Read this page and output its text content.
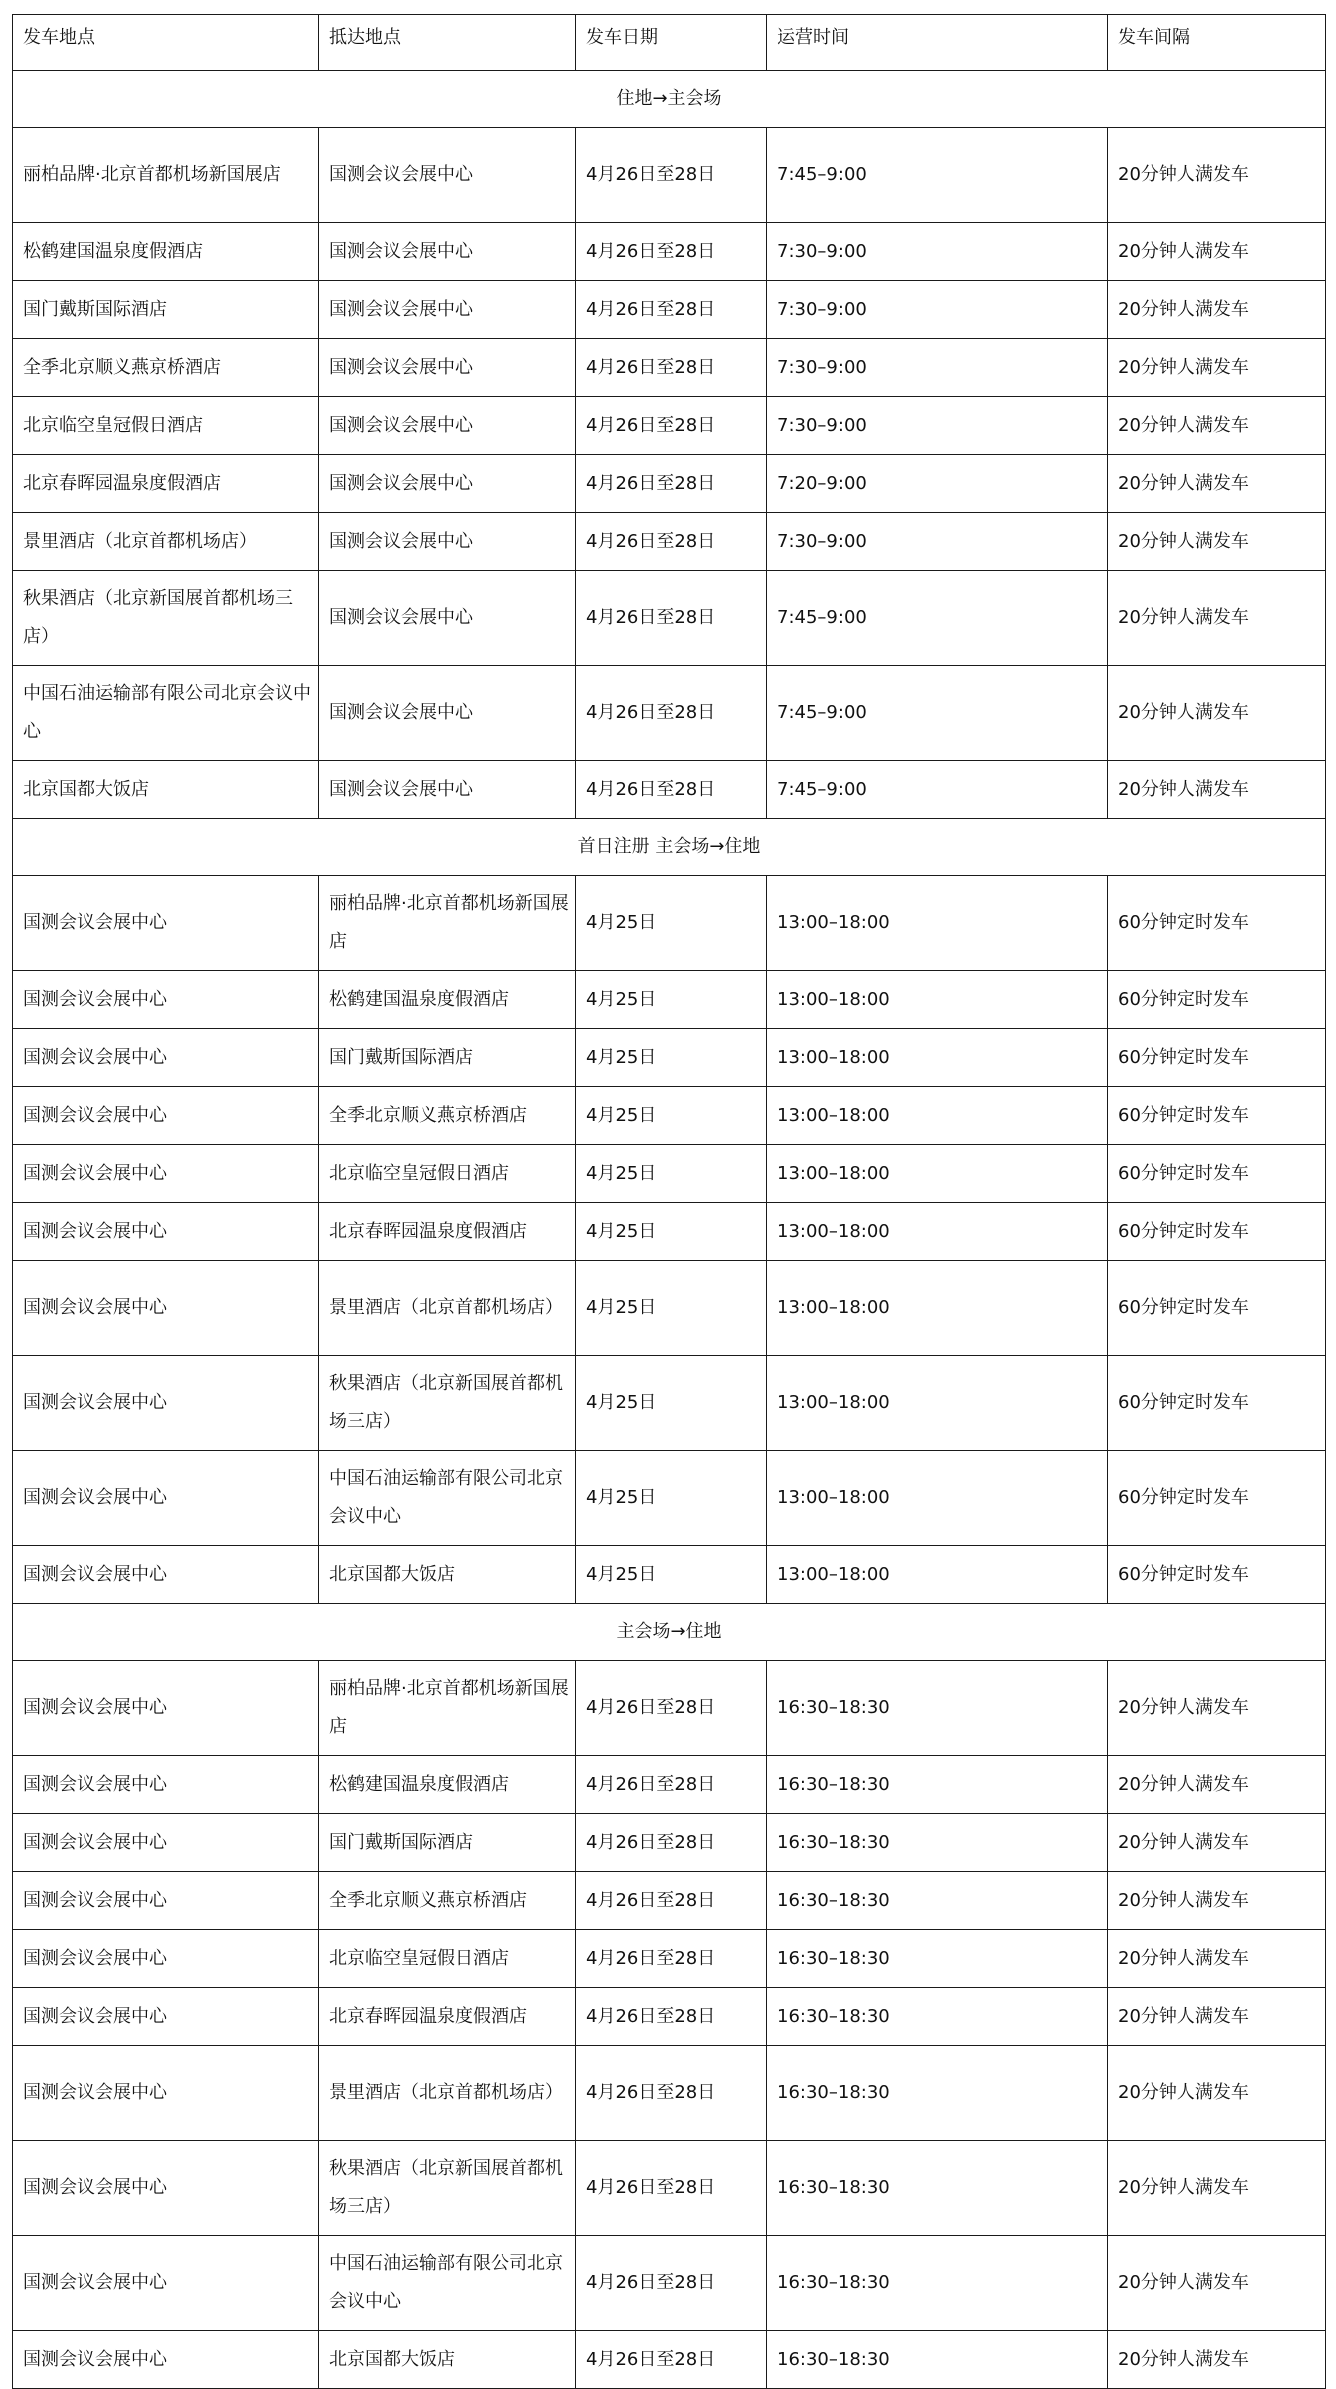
发车地点	抵达地点	发车日期	运营时间	发车间隔
住地→主会场				
丽柏品牌·北京首都机场新国展店	国测会议会展中心	4月26日至28日	7:45–9:00	20分钟人满发车
松鹤建国温泉度假酒店	国测会议会展中心	4月26日至28日	7:30–9:00	20分钟人满发车
国门戴斯国际酒店	国测会议会展中心	4月26日至28日	7:30–9:00	20分钟人满发车
全季北京顺义燕京桥酒店	国测会议会展中心	4月26日至28日	7:30–9:00	20分钟人满发车
北京临空皇冠假日酒店	国测会议会展中心	4月26日至28日	7:30–9:00	20分钟人满发车
北京春晖园温泉度假酒店	国测会议会展中心	4月26日至28日	7:20–9:00	20分钟人满发车
景里酒店（北京首都机场店）	国测会议会展中心	4月26日至28日	7:30–9:00	20分钟人满发车
秋果酒店（北京新国展首都机场三店）	国测会议会展中心	4月26日至28日	7:45–9:00	20分钟人满发车
中国石油运输部有限公司北京会议中心	国测会议会展中心	4月26日至28日	7:45–9:00	20分钟人满发车
北京国都大饭店	国测会议会展中心	4月26日至28日	7:45–9:00	20分钟人满发车
首日注册 主会场→住地				
国测会议会展中心	丽柏品牌·北京首都机场新国展店	4月25日	13:00–18:00	60分钟定时发车
国测会议会展中心	松鹤建国温泉度假酒店	4月25日	13:00–18:00	60分钟定时发车
国测会议会展中心	国门戴斯国际酒店	4月25日	13:00–18:00	60分钟定时发车
国测会议会展中心	全季北京顺义燕京桥酒店	4月25日	13:00–18:00	60分钟定时发车
国测会议会展中心	北京临空皇冠假日酒店	4月25日	13:00–18:00	60分钟定时发车
国测会议会展中心	北京春晖园温泉度假酒店	4月25日	13:00–18:00	60分钟定时发车
国测会议会展中心	景里酒店（北京首都机场店）	4月25日	13:00–18:00	60分钟定时发车
国测会议会展中心	秋果酒店（北京新国展首都机场三店）	4月25日	13:00–18:00	60分钟定时发车
国测会议会展中心	中国石油运输部有限公司北京会议中心	4月25日	13:00–18:00	60分钟定时发车
国测会议会展中心	北京国都大饭店	4月25日	13:00–18:00	60分钟定时发车
主会场→住地				
国测会议会展中心	丽柏品牌·北京首都机场新国展店	4月26日至28日	16:30–18:30	20分钟人满发车
国测会议会展中心	松鹤建国温泉度假酒店	4月26日至28日	16:30–18:30	20分钟人满发车
国测会议会展中心	国门戴斯国际酒店	4月26日至28日	16:30–18:30	20分钟人满发车
国测会议会展中心	全季北京顺义燕京桥酒店	4月26日至28日	16:30–18:30	20分钟人满发车
国测会议会展中心	北京临空皇冠假日酒店	4月26日至28日	16:30–18:30	20分钟人满发车
国测会议会展中心	北京春晖园温泉度假酒店	4月26日至28日	16:30–18:30	20分钟人满发车
国测会议会展中心	景里酒店（北京首都机场店）	4月26日至28日	16:30–18:30	20分钟人满发车
国测会议会展中心	秋果酒店（北京新国展首都机场三店）	4月26日至28日	16:30–18:30	20分钟人满发车
国测会议会展中心	中国石油运输部有限公司北京会议中心	4月26日至28日	16:30–18:30	20分钟人满发车
国测会议会展中心	北京国都大饭店	4月26日至28日	16:30–18:30	20分钟人满发车
